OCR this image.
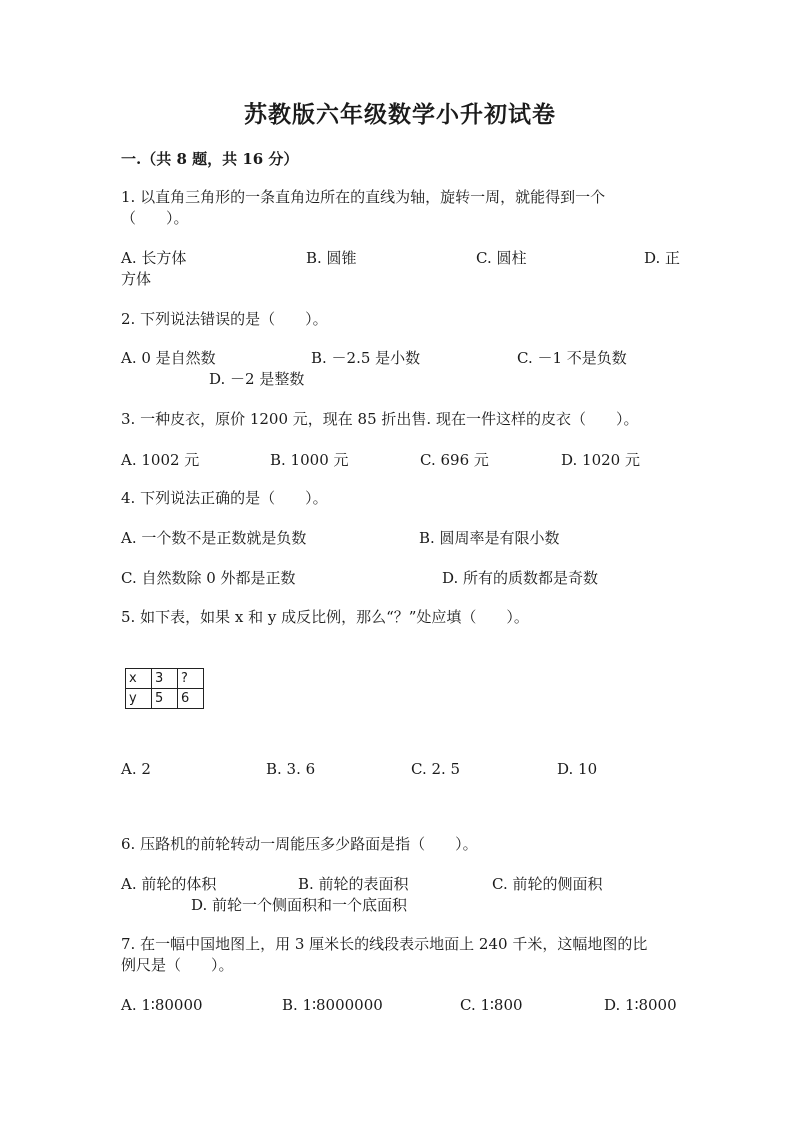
苏教版六年级数学小升初试卷
一.（共 8 题，共 16 分）
1. 以直角三角形的一条直角边所在的直线为轴，旋转一周，就能得到一个
（　　）。
A. 长方体	B. 圆锥	C. 圆柱	D. 正
方体
2. 下列说法错误的是（　　）。
A. 0 是自然数	B. －2.5 是小数	C. －1 不是负数
D. －2 是整数
3. 一种皮衣，原价 1200 元，现在 85 折出售. 现在一件这样的皮衣（　　）。
A. 1002 元	B. 1000 元	C. 696 元	D. 1020 元
4. 下列说法正确的是（　　）。
A. 一个数不是正数就是负数	B. 圆周率是有限小数
C. 自然数除 0 外都是正数	D. 所有的质数都是奇数
5. 如下表，如果 x 和 y 成反比例，那么“？”处应填（　　）。
x	3	?
y	5	6
A. 2	B. 3. 6	C. 2. 5	D. 10
6. 压路机的前轮转动一周能压多少路面是指（　　）。
A. 前轮的体积	B. 前轮的表面积	C. 前轮的侧面积
D. 前轮一个侧面积和一个底面积
7. 在一幅中国地图上，用 3 厘米长的线段表示地面上 240 千米，这幅地图的比
例尺是（　　）。
A. 1∶80000	B. 1∶8000000	C. 1∶800	D. 1∶8000
